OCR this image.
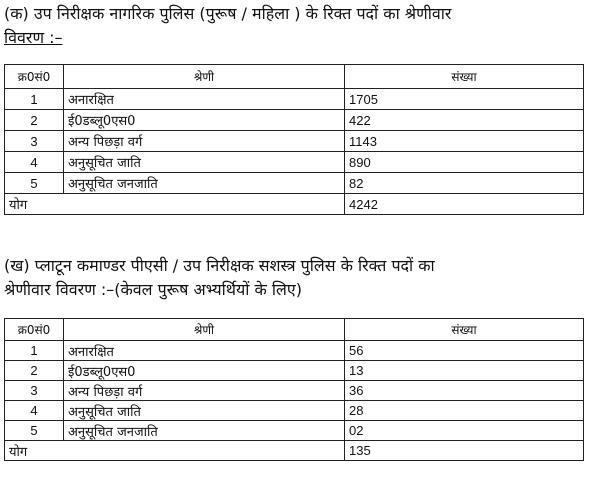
(क) उप निरीक्षक नागरिक पुलिस (पुरूष / महिला ) के रिक्त पदों का श्रेणीवार
विवरण :–

क्र0सं0	श्रेणी	संख्या
1	अनारक्षित	1705
2	ई0डब्लू0एस0	422
3	अन्य पिछड़ा वर्ग	1143
4	अनुसूचित जाति	890
5	अनुसूचित जनजाति	82
योग		4242

(ख) प्लाटून कमाण्डर पीएसी / उप निरीक्षक सशस्त्र पुलिस के रिक्त पदों का
श्रेणीवार विवरण :–(केवल पुरूष अभ्यर्थियों के लिए)

क्र0सं0	श्रेणी	संख्या
1	अनारक्षित	56
2	ई0डब्लू0एस0	13
3	अन्य पिछड़ा वर्ग	36
4	अनुसूचित जाति	28
5	अनुसूचित जनजाति	02
योग		135
